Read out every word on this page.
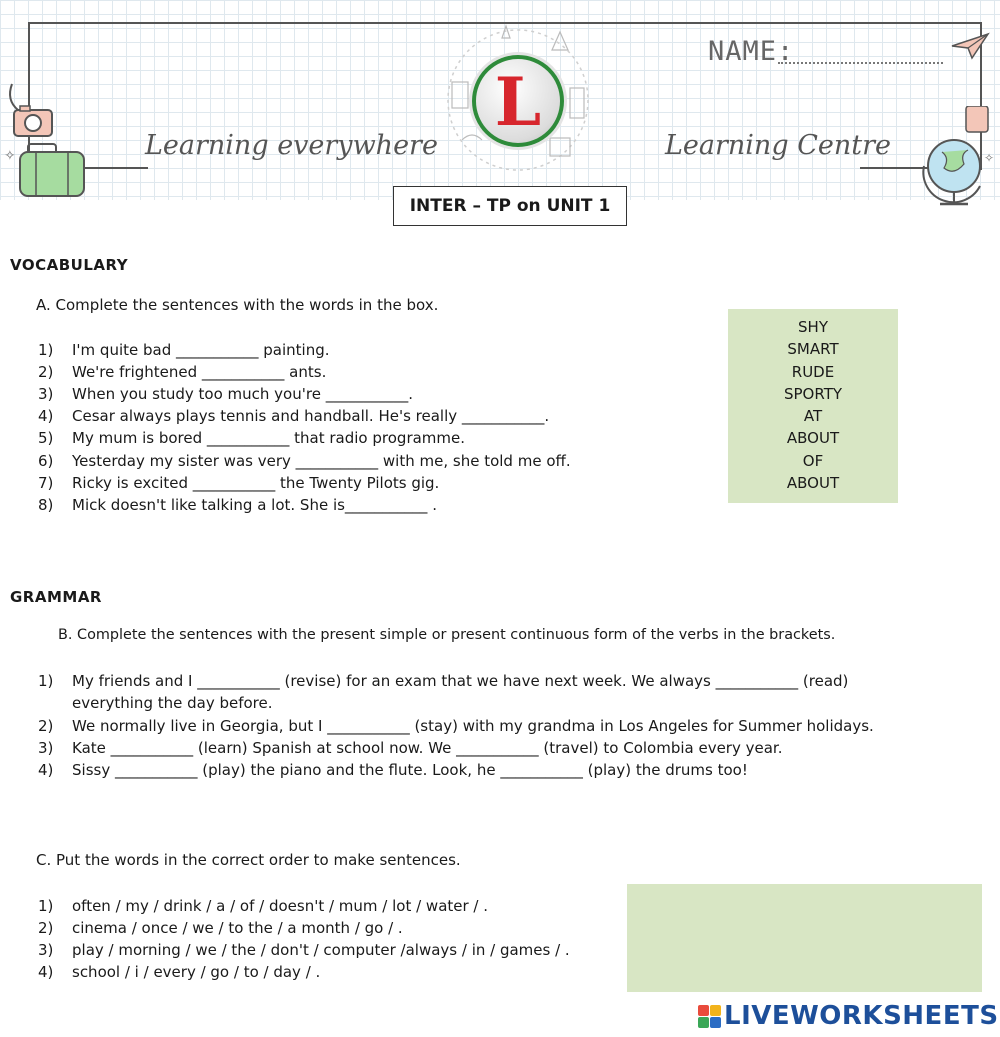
NAME:
✧	✧
L
Learning everywhere	Learning Centre
INTER – TP on UNIT 1
VOCABULARY
A. Complete the sentences with the words in the box.
1) I'm quite bad ___________ painting.
2) We're frightened ___________ ants.
3) When you study too much you're ___________.
4) Cesar always plays tennis and handball. He's really ___________.
5) My mum is bored ___________ that radio programme.
6) Yesterday my sister was very ___________ with me, she told me off.
7) Ricky is excited ___________ the Twenty Pilots gig.
8) Mick doesn't like talking a lot. She is___________ .
SHY
SMART
RUDE
SPORTY
AT
ABOUT
OF
ABOUT
GRAMMAR
B. Complete the sentences with the present simple or present continuous form of the verbs in the brackets.
1) My friends and I ___________ (revise) for an exam that we have next week. We always ___________ (read)
everything the day before.
2) We normally live in Georgia, but I ___________ (stay) with my grandma in Los Angeles for Summer holidays.
3) Kate ___________ (learn) Spanish at school now. We ___________ (travel) to Colombia every year.
4) Sissy ___________ (play) the piano and the flute. Look, he ___________ (play) the drums too!
C. Put the words in the correct order to make sentences.
1) often / my / drink / a / of / doesn't / mum / lot / water / .
2) cinema / once / we / to the / a month / go / .
3) play / morning / we / the / don't / computer /always / in / games / .
4) school / i / every / go / to / day / .
LIVEWORKSHEETS
